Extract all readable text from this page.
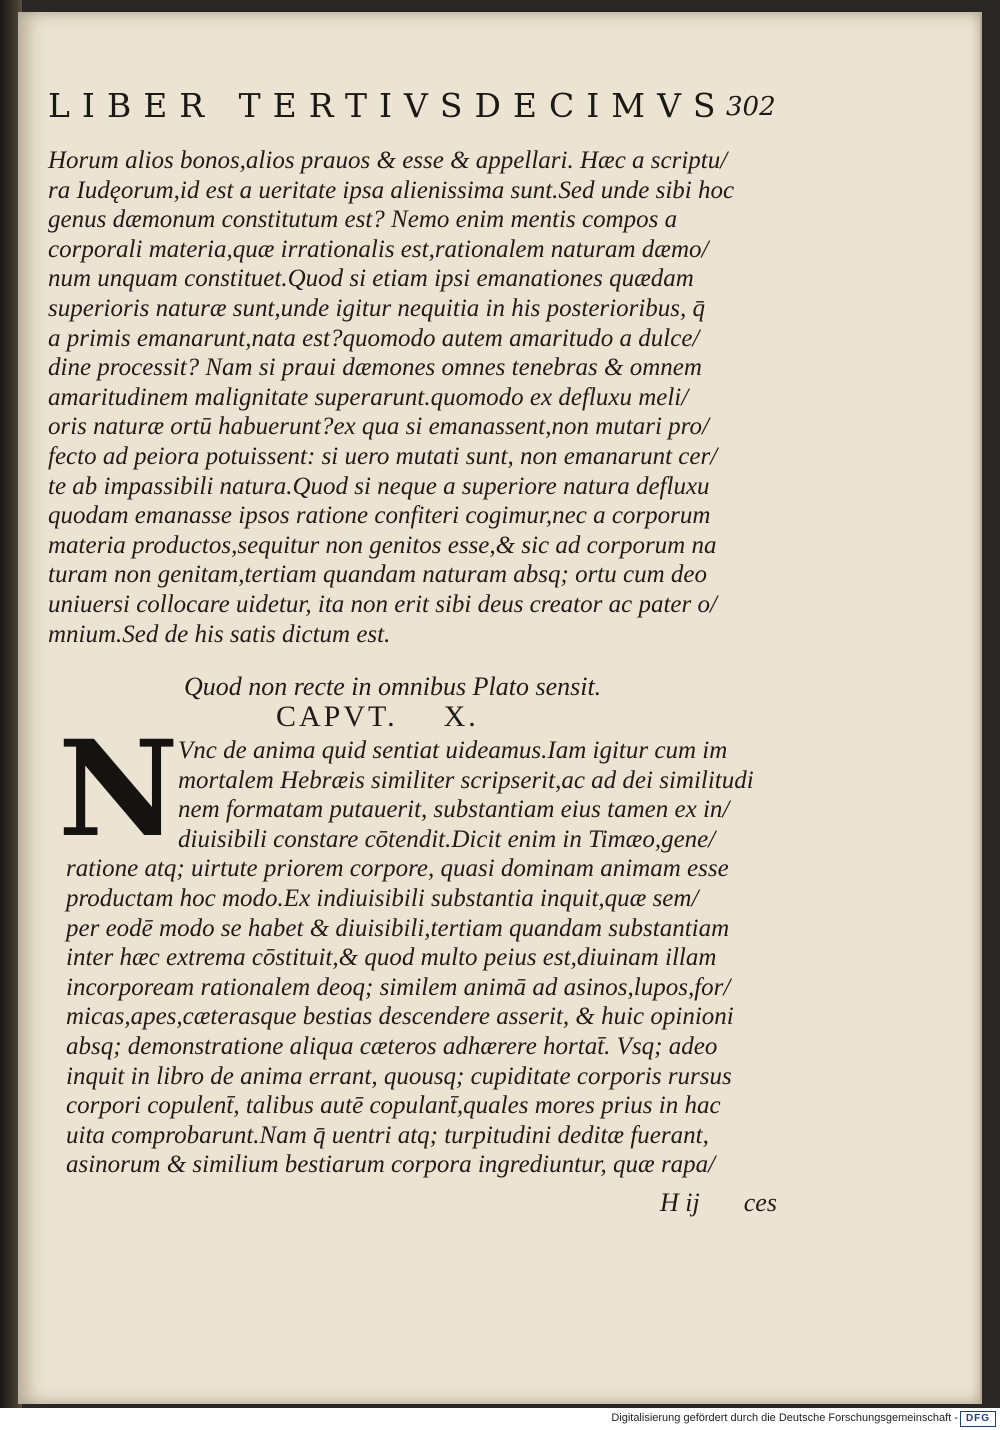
LIBER TERTIVSDECIMVS
302
Horum alios bonos,alios prauos & esse & appellari. Hæc a scriptu/
ra Iudęorum,id est a ueritate ipsa alienissima sunt.Sed unde sibi hoc
genus dæmonum constitutum est? Nemo enim mentis compos a
corporali materia,quæ irrationalis est,rationalem naturam dæmo/
num unquam constituet.Quod si etiam ipsi emanationes quædam
superioris naturæ sunt,unde igitur nequitia in his posterioribus, q̄
a primis emanarunt,nata est?quomodo autem amaritudo a dulce/
dine processit? Nam si praui dæmones omnes tenebras & omnem
amaritudinem malignitate superarunt.quomodo ex defluxu meli/
oris naturæ ortū habuerunt?ex qua si emanassent,non mutari pro/
fecto ad peiora potuissent: si uero mutati sunt, non emanarunt cer/
te ab impassibili natura.Quod si neque a superiore natura defluxu
quodam emanasse ipsos ratione confiteri cogimur,nec a corporum
materia productos,sequitur non genitos esse,& sic ad corporum na
turam non genitam,tertiam quandam naturam absq; ortu cum deo
uniuersi collocare uidetur, ita non erit sibi deus creator ac pater o/
mnium.Sed de his satis dictum est.
Quod non recte in omnibus Plato sensit.
CAPVT. X.
N Vnc de anima quid sentiat uideamus.Iam igitur cum im
mortalem Hebræis similiter scripserit,ac ad dei similitudi
nem formatam putauerit, substantiam eius tamen ex in/
diuisibili constare cōtendit.Dicit enim in Timæo,gene/
ratione atq; uirtute priorem corpore, quasi dominam animam esse
productam hoc modo.Ex indiuisibili substantia inquit,quæ sem/
per eodē modo se habet & diuisibili,tertiam quandam substantiam
inter hæc extrema cōstituit,& quod multo peius est,diuinam illam
incorpoream rationalem deoq; similem animā ad asinos,lupos,for/
micas,apes,cæterasque bestias descendere asserit, & huic opinioni
absq; demonstratione aliqua cæteros adhærere hortat̄. Vsq; adeo
inquit in libro de anima errant, quousq; cupiditate corporis rursus
corpori copulent̄, talibus autē copulant̄,quales mores prius in hac
uita comprobarunt.Nam q̄ uentri atq; turpitudini deditæ fuerant,
asinorum & similium bestiarum corpora ingrediuntur, quæ rapa/
H ij ces
Digitalisierung gefördert durch die Deutsche Forschungsgemeinschaft - DFG
